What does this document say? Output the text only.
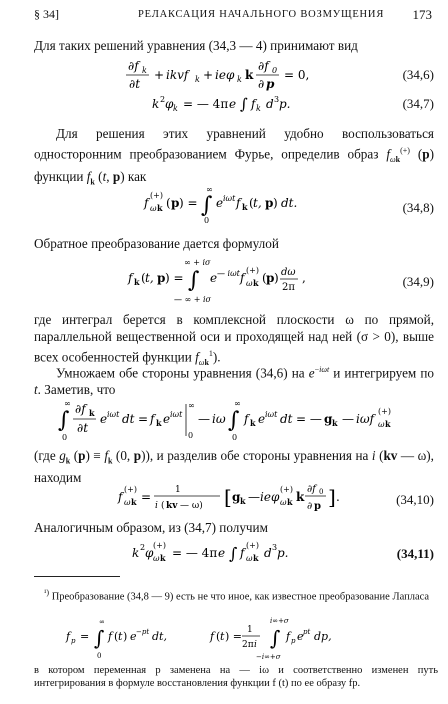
§ 34]	РЕЛАКСАЦИЯ НАЧАЛЬНОГО ВОЗМУЩЕНИЯ 173
Для таких решений уравнения (34,3 — 4) принимают вид
∂f k
∂t
+ ikvf k + ieφ k k
∂f 0
∂ p
= 0,	(34,6)
k 2 φ k = — 4π e ∫ f k d 3 p.	(34,7)
Для решения этих уравнений удобно воспользоваться односторонним преобразованием Фурье, определив образ $f_{\omega k}^{(+)}$ (p) функции $f_k$ (t, p) как
f
(+)
ω k ( p ) = ∫
∞
0
e iωt f k ( t, p ) dt.	(34,8)
Обратное преобразование дается формулой
f k ( t, p ) = ∫
∞ + iσ
— ∞ + iσ
e — iωt f
(+)
ω k ( p ) dω
2π
,	(34,9)
где интеграл берется в комплексной плоскости ω по прямой, параллельной вещественной оси и проходящей над ней (σ > 0), выше всех особенностей функции $f_{\omega k}^1$).
Умножаем обе стороны уравнения (34,6) на $e^{-i\omega t}$ и интегрируем по t. Заметив, что
∫
∞
0
∂f k
∂t
e iωt dt = f k e iωt
∞
0
— iω ∫
∞
0
f k e iωt dt = — g k — iωf
(+)
ω k
(где $g_k$ $(p) \equiv f_k$ (0, p)), и разделив обе стороны уравнения на i (kv — ω), находим
f
(+)
ω k =	1
i ( kv — ω) [ g k — ieφ
(+)
ω k k
∂f 0
∂ p ] .	(34,10)
Аналогичным образом, из (34,7) получим
k 2 φ
(+)
ω k = — 4π e ∫ f
(+)
ω k d 3 p.	(34,11)
$^{^1)}$ Преобразование (34,8 — 9) есть не что иное, как известное преобразование Лапласа
f p = ∫
∞
0
f ( t ) e −pt dt,	f ( t ) = 1
2π i ∫
i∞+σ
−i∞+σ
f p e pt dp,
в котором переменная p заменена на — iω и соответственно изменен путь интегрирования в формуле восстановления функции f (t) по ее образу fp.
